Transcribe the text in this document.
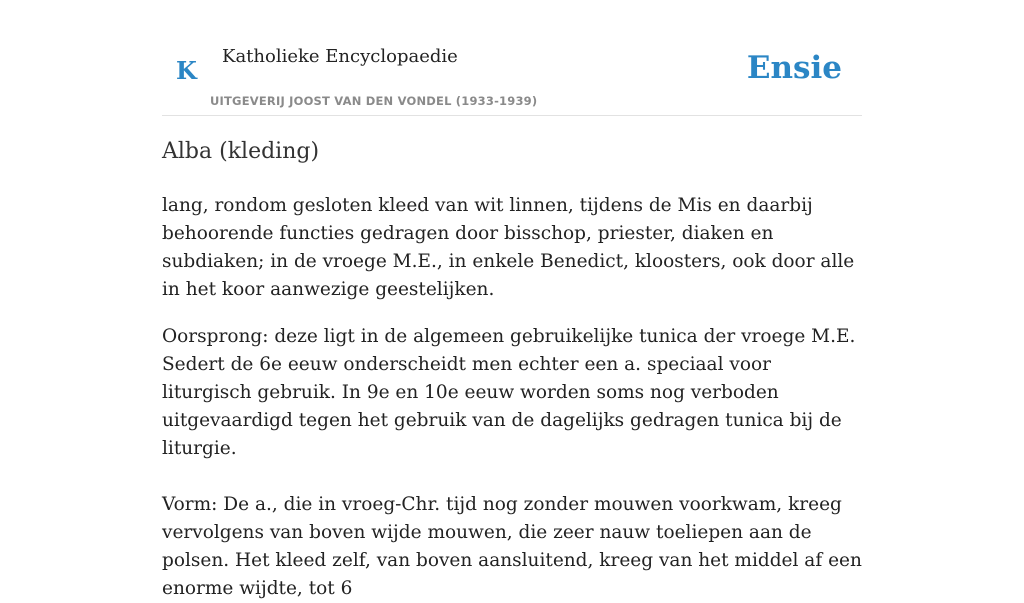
K Katholieke Encyclopaedie
UITGEVERIJ JOOST VAN DEN VONDEL (1933-1939)
Ensie
Alba (kleding)

lang, rondom gesloten kleed van wit linnen, tijdens de Mis en daarbij behoorende functies gedragen door bisschop, priester, diaken en subdiaken; in de vroege M.E., in enkele Benedict, kloosters, ook door alle in het koor aanwezige geestelijken.

Oorsprong: deze ligt in de algemeen gebruikelijke tunica der vroege M.E. Sedert de 6e eeuw onderscheidt men echter een a. speciaal voor liturgisch gebruik. In 9e en 10e eeuw worden soms nog verboden uitgevaardigd tegen het gebruik van de dagelijks gedragen tunica bij de liturgie.

Vorm: De a., die in vroeg-Chr. tijd nog zonder mouwen voorkwam, kreeg vervolgens van boven wijde mouwen, die zeer nauw toeliepen aan de polsen. Het kleed zelf, van boven aansluitend, kreeg van het middel af een enorme wijdte, tot 6
